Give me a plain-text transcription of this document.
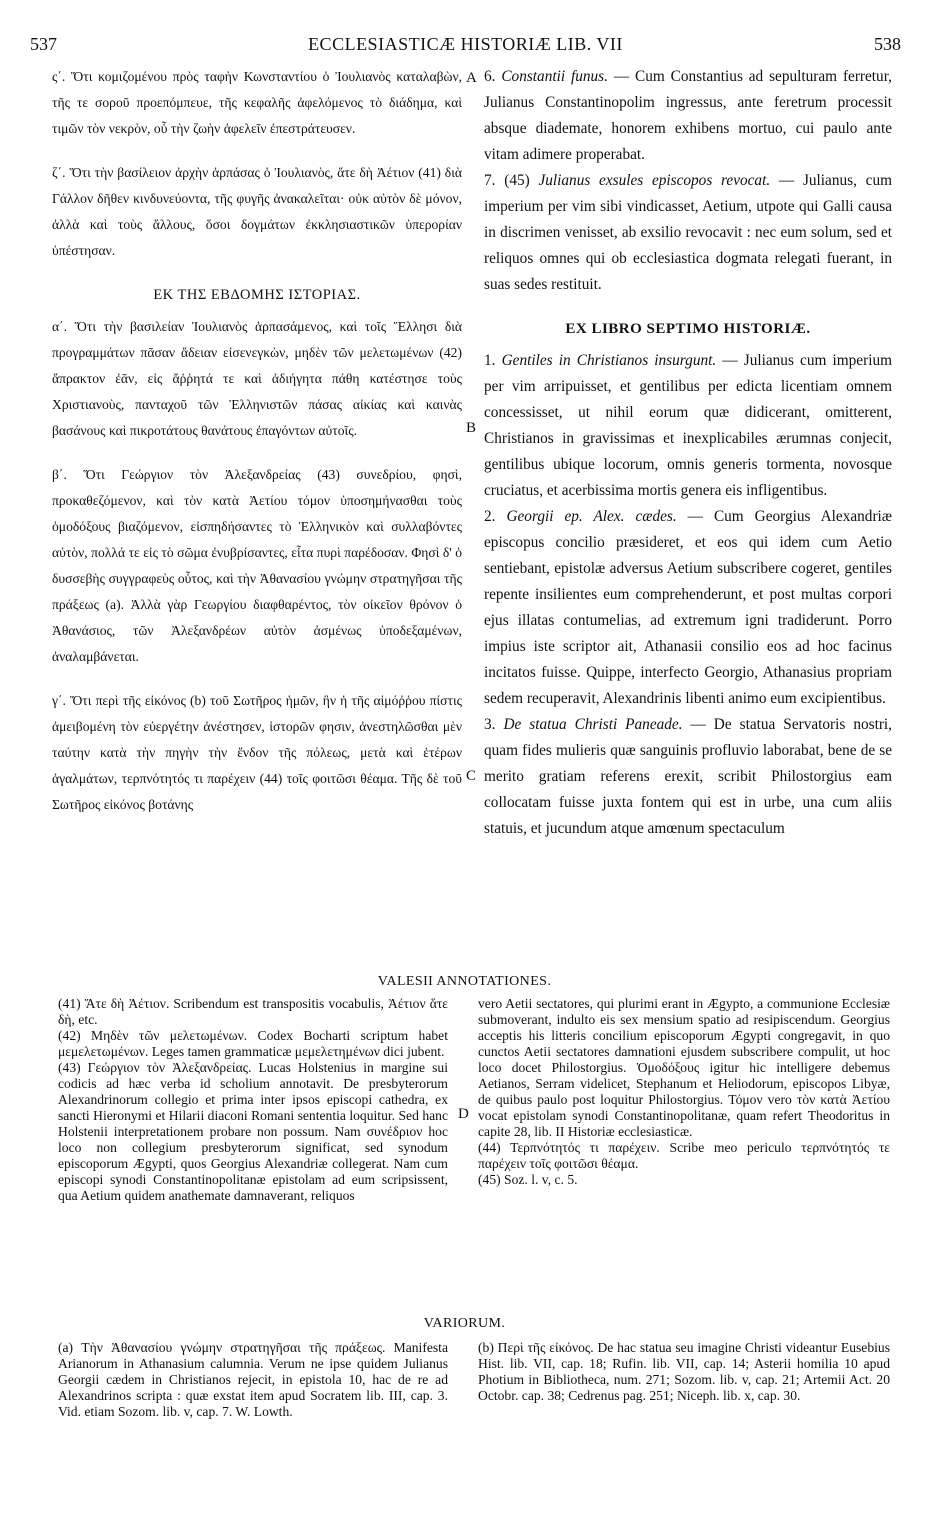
537	ECCLESIASTICÆ HISTORIÆ LIB. VII	538

ς΄. Ὅτι κομιζομένου πρὸς ταφὴν Κωνσταντίου ὁ Ἰουλιανὸς καταλαβὼν, τῆς τε σοροῦ προεπόμπευε, τῆς κεφαλῆς ἀφελόμενος τὸ διάδημα, καὶ τιμῶν τὸν νεκρὸν, οὗ τὴν ζωὴν ἀφελεῖν ἐπεστράτευσεν.

ζ΄. Ὅτι τὴν βασίλειον ἀρχὴν ἁρπάσας ὁ Ἰουλιανὸς, ἅτε δὴ Ἀέτιον (41) διὰ Γάλλον δῆθεν κινδυνεύοντα, τῆς φυγῆς ἀνακαλεῖται· οὐκ αὐτὸν δὲ μόνον, ἀλλὰ καὶ τοὺς ἄλλους, ὅσοι δογμάτων ἐκκλησιαστικῶν ὑπερορίαν ὑπέστησαν.

ΕΚ ΤΗΣ ΕΒΔΟΜΗΣ ΙΣΤΟΡΙΑΣ.

α΄. Ὅτι τὴν βασιλείαν Ἰουλιανὸς ἁρπασάμενος, καὶ τοῖς Ἕλλησι διὰ προγραμμάτων πᾶσαν ἄδειαν εἰσενεγκὼν, μηδὲν τῶν μελετωμένων (42) ἄπρακτον ἐᾶν, εἰς ἄῤῥητά τε καὶ ἀδιήγητα πάθη κατέστησε τοὺς Χριστιανοὺς, πανταχοῦ τῶν Ἑλληνιστῶν πάσας αἰκίας καὶ καινὰς βασάνους καὶ πικροτάτους θανάτους ἐπαγόντων αὐτοῖς.

β΄. Ὅτι Γεώργιον τὸν Ἀλεξανδρείας (43) συνεδρίου, φησὶ, προκαθεζόμενον, καὶ τὸν κατὰ Ἀετίου τόμον ὑποσημήνασθαι τοὺς ὁμοδόξους βιαζόμενον, εἰσπηδήσαντες τὸ Ἑλληνικὸν καὶ συλλαβόντες αὐτὸν, πολλά τε εἰς τὸ σῶμα ἐνυβρίσαντες, εἶτα πυρὶ παρέδοσαν. Φησὶ δ' ὁ δυσσεβὴς συγγραφεὺς οὗτος, καὶ τὴν Ἀθανασίου γνώμην στρατηγῆσαι τῆς πράξεως (a). Ἀλλὰ γὰρ Γεωργίου διαφθαρέντος, τὸν οἰκεῖον θρόνον ὁ Ἀθανάσιος, τῶν Ἀλεξανδρέων αὐτὸν ἀσμένως ὑποδεξαμένων, ἀναλαμβάνεται.

γ΄. Ὅτι περὶ τῆς εἰκόνος (b) τοῦ Σωτῆρος ἡμῶν, ἣν ἡ τῆς αἱμόῤῥου πίστις ἀμειβομένη τὸν εὐεργέτην ἀνέστησεν, ἱστορῶν φησιν, ἀνεστηλῶσθαι μὲν ταύτην κατὰ τὴν πηγὴν τὴν ἔνδον τῆς πόλεως, μετὰ καὶ ἑτέρων ἀγαλμάτων, τερπνότητός τι παρέχειν (44) τοῖς φοιτῶσι θέαμα. Τῆς δὲ τοῦ Σωτῆρος εἰκόνος βοτάνης

6. Constantii funus. — Cum Constantius ad sepulturam ferretur, Julianus Constantinopolim ingressus, ante feretrum processit absque diademate, honorem exhibens mortuo, cui paulo ante vitam adimere properabat.

7. (45) Julianus exsules episcopos revocat. — Julianus, cum imperium per vim sibi vindicasset, Aetium, utpote qui Galli causa in discrimen venisset, ab exsilio revocavit : nec eum solum, sed et reliquos omnes qui ob ecclesiastica dogmata relegati fuerant, in suas sedes restituit.

EX LIBRO SEPTIMO HISTORIÆ.

1. Gentiles in Christianos insurgunt. — Julianus cum imperium per vim arripuisset, et gentilibus per edicta licentiam omnem concessisset, ut nihil eorum quæ didicerant, omitterent, Christianos in gravissimas et inexplicabiles ærumnas conjecit, gentilibus ubique locorum, omnis generis tormenta, novosque cruciatus, et acerbissima mortis genera eis infligentibus.

2. Georgii ep. Alex. cædes. — Cum Georgius Alexandriæ episcopus concilio præsideret, et eos qui idem cum Aetio sentiebant, epistolæ adversus Aetium subscribere cogeret, gentiles repente insilientes eum comprehenderunt, et post multas corpori ejus illatas contumelias, ad extremum igni tradiderunt. Porro impius iste scriptor ait, Athanasii consilio eos ad hoc facinus incitatos fuisse. Quippe, interfecto Georgio, Athanasius propriam sedem recuperavit, Alexandrinis libenti animo eum excipientibus.

3. De statua Christi Paneade. — De statua Servatoris nostri, quam fides mulieris quæ sanguinis profluvio laborabat, bene de se merito gratiam referens erexit, scribit Philostorgius eam collocatam fuisse juxta fontem qui est in urbe, una cum aliis statuis, et jucundum atque amœnum spectaculum

A
B
C
D
VALESII ANNOTATIONES.

(41) Ἅτε δὴ Ἀέτιον. Scribendum est transpositis vocabulis, Ἀέτιον ἅτε δὴ, etc.

(42) Μηδὲν τῶν μελετωμένων. Codex Bocharti scriptum habet μεμελετωμένων. Leges tamen grammaticæ μεμελετημένων dici jubent.

(43) Γεώργιον τὸν Ἀλεξανδρείας. Lucas Holstenius in margine sui codicis ad hæc verba id scholium annotavit. De presbyterorum Alexandrinorum collegio et prima inter ipsos episcopi cathedra, ex sancti Hieronymi et Hilarii diaconi Romani sententia loquitur. Sed hanc Holstenii interpretationem probare non possum. Nam συνέδριον hoc loco non collegium presbyterorum significat, sed synodum episcoporum Ægypti, quos Georgius Alexandriæ collegerat. Nam cum episcopi synodi Constantinopolitanæ epistolam ad eum scripsissent, qua Aetium quidem anathemate damnaverant, reliquos

vero Aetii sectatores, qui plurimi erant in Ægypto, a communione Ecclesiæ submoverant, indulto eis sex mensium spatio ad resipiscendum. Georgius acceptis his litteris concilium episcoporum Ægypti congregavit, in quo cunctos Aetii sectatores damnationi ejusdem subscribere compulit, ut hoc loco docet Philostorgius. Ὁμοδόξους igitur hic intelligere debemus Aetianos, Serram videlicet, Stephanum et Heliodorum, episcopos Libyæ, de quibus paulo post loquitur Philostorgius. Τόμον vero τὸν κατὰ Ἀετίου vocat epistolam synodi Constantinopolitanæ, quam refert Theodoritus in capite 28, lib. II Historiæ ecclesiasticæ.

(44) Τερπνότητός τι παρέχειν. Scribe meo periculo τερπνότητός τε παρέχειν τοῖς φοιτῶσι θέαμα.

(45) Soz. l. v, c. 5.

VARIORUM.

(a) Τὴν Ἀθανασίου γνώμην στρατηγῆσαι τῆς πράξεως. Manifesta Arianorum in Athanasium calumnia. Verum ne ipse quidem Julianus Georgii cædem in Christianos rejecit, in epistola 10, hac de re ad Alexandrinos scripta : quæ exstat item apud Socratem lib. III, cap. 3. Vid. etiam Sozom. lib. v, cap. 7. W. Lowth.

(b) Περὶ τῆς εἰκόνος. De hac statua seu imagine Christi videantur Eusebius Hist. lib. VII, cap. 18; Rufin. lib. VII, cap. 14; Asterii homilia 10 apud Photium in Bibliotheca, num. 271; Sozom. lib. v, cap. 21; Artemii Act. 20 Octobr. cap. 38; Cedrenus pag. 251; Niceph. lib. x, cap. 30.
